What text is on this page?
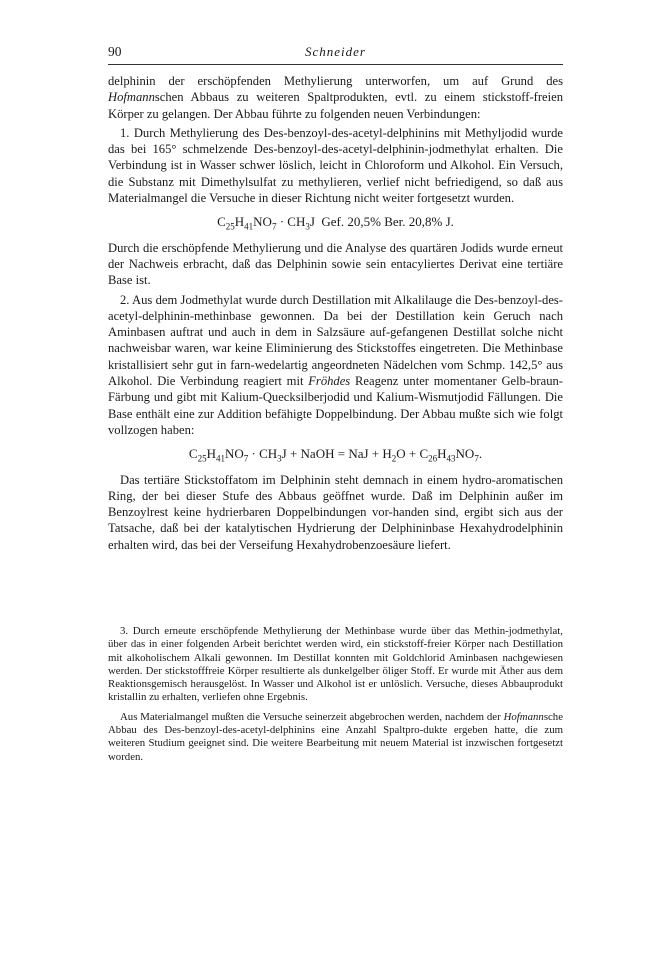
90	Schneider

delphinin der erschöpfenden Methylierung unterworfen, um auf Grund des Hofmannschen Abbaus zu weiteren Spaltprodukten, evtl. zu einem stickstoff-freien Körper zu gelangen. Der Abbau führte zu folgenden neuen Verbindungen:

1. Durch Methylierung des Des-benzoyl-des-acetyl-delphinins mit Methyljodid wurde das bei 165° schmelzende Des-benzoyl-des-acetyl-delphinin-jodmethylat erhalten. Die Verbindung ist in Wasser schwer löslich, leicht in Chloroform und Alkohol. Ein Versuch, die Substanz mit Dimethylsulfat zu methylieren, verlief nicht befriedigend, so daß aus Materialmangel die Versuche in dieser Richtung nicht weiter fortgesetzt wurden.

$C_{25}H_{41}NO_7 \cdot CH_3J$ Gef. 20,5% Ber. 20,8% J.

Durch die erschöpfende Methylierung und die Analyse des quartären Jodids wurde erneut der Nachweis erbracht, daß das Delphinin sowie sein entacyliertes Derivat eine tertiäre Base ist.

2. Aus dem Jodmethylat wurde durch Destillation mit Alkalilauge die Des-benzoyl-des-acetyl-delphinin-methinbase gewonnen. Da bei der Destillation kein Geruch nach Aminbasen auftrat und auch in dem in Salzsäure auf-gefangenen Destillat solche nicht nachweisbar waren, war keine Eliminierung des Stickstoffes eingetreten. Die Methinbase kristallisiert sehr gut in farn-wedelartig angeordneten Nädelchen vom Schmp. 142,5° aus Alkohol. Die Verbindung reagiert mit Fröhdes Reagenz unter momentaner Gelb-braun-Färbung und gibt mit Kalium-Quecksilberjodid und Kalium-Wismutjodid Fällungen. Die Base enthält eine zur Addition befähigte Doppelbindung. Der Abbau mußte sich wie folgt vollzogen haben:

$C_{25}H_{41}NO_7 \cdot CH_3J$ + NaOH = NaJ + $H_2O + C_{26}H_{43}NO_7$.

Das tertiäre Stickstoffatom im Delphinin steht demnach in einem hydro-aromatischen Ring, der bei dieser Stufe des Abbaus geöffnet wurde. Daß im Delphinin außer im Benzoylrest keine hydrierbaren Doppelbindungen vor-handen sind, ergibt sich aus der Tatsache, daß bei der katalytischen Hydrierung der Delphininbase Hexahydrodelphinin erhalten wird, das bei der Verseifung Hexahydrobenzoesäure liefert.

3. Durch erneute erschöpfende Methylierung der Methinbase wurde über das Methin-jodmethylat, über das in einer folgenden Arbeit berichtet werden wird, ein stickstoff-freier Körper nach Destillation mit alkoholischem Alkali gewonnen. Im Destillat konnten mit Goldchlorid Aminbasen nachgewiesen werden. Der stickstofffreie Körper resultierte als dunkelgelber öliger Stoff. Er wurde mit Äther aus dem Reaktionsgemisch herausgelöst. In Wasser und Alkohol ist er unlöslich. Versuche, dieses Abbauprodukt kristallin zu erhalten, verliefen ohne Ergebnis.

Aus Materialmangel mußten die Versuche seinerzeit abgebrochen werden, nachdem der Hofmannsche Abbau des Des-benzoyl-des-acetyl-delphinins eine Anzahl Spaltpro-dukte ergeben hatte, die zum weiteren Studium geeignet sind. Die weitere Bearbeitung mit neuem Material ist inzwischen fortgesetzt worden.
